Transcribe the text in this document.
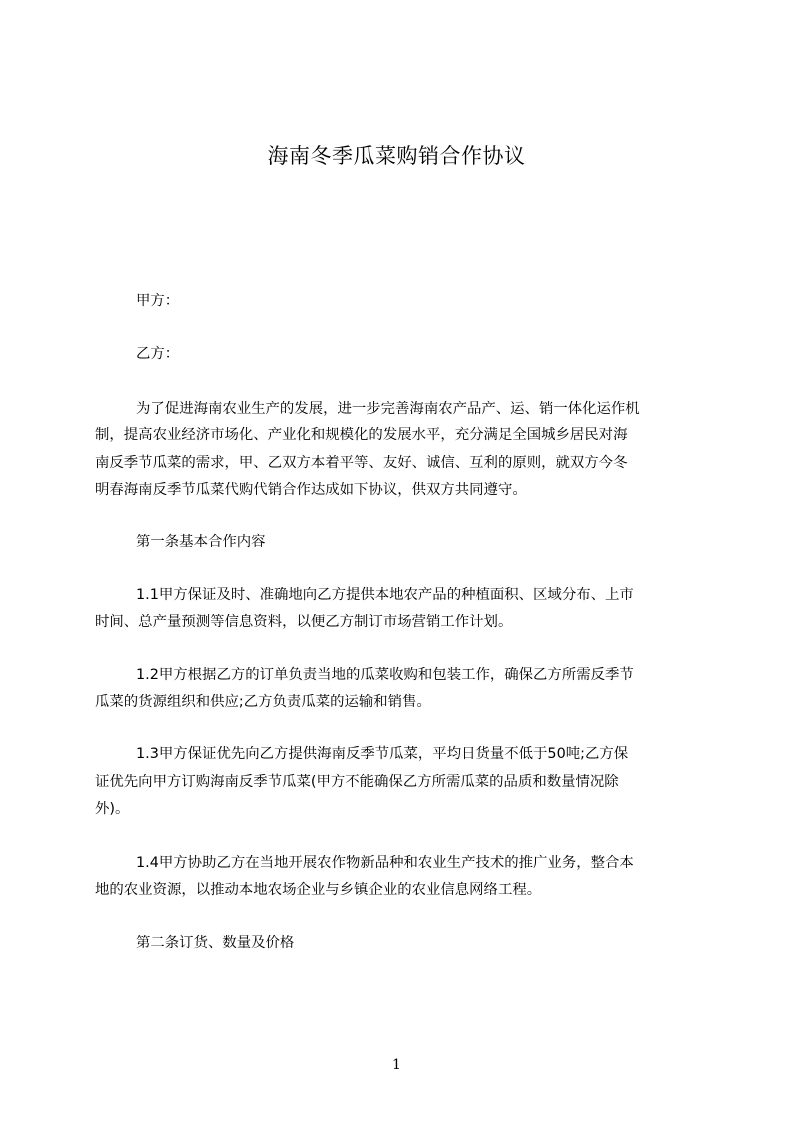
海南冬季瓜菜购销合作协议
甲方：
乙方：
为了促进海南农业生产的发展，进一步完善海南农产品产、运、销一体化运作机
制，提高农业经济市场化、产业化和规模化的发展水平，充分满足全国城乡居民对海
南反季节瓜菜的需求，甲、乙双方本着平等、友好、诚信、互利的原则，就双方今冬
明春海南反季节瓜菜代购代销合作达成如下协议，供双方共同遵守。
第一条基本合作内容
1.1甲方保证及时、准确地向乙方提供本地农产品的种植面积、区域分布、上市
时间、总产量预测等信息资料，以便乙方制订市场营销工作计划。
1.2甲方根据乙方的订单负责当地的瓜菜收购和包装工作，确保乙方所需反季节
瓜菜的货源组织和供应;乙方负责瓜菜的运输和销售。
1.3甲方保证优先向乙方提供海南反季节瓜菜，平均日货量不低于50吨;乙方保
证优先向甲方订购海南反季节瓜菜(甲方不能确保乙方所需瓜菜的品质和数量情况除
外)。
1.4甲方协助乙方在当地开展农作物新品种和农业生产技术的推广业务，整合本
地的农业资源，以推动本地农场企业与乡镇企业的农业信息网络工程。
第二条订货、数量及价格
1
